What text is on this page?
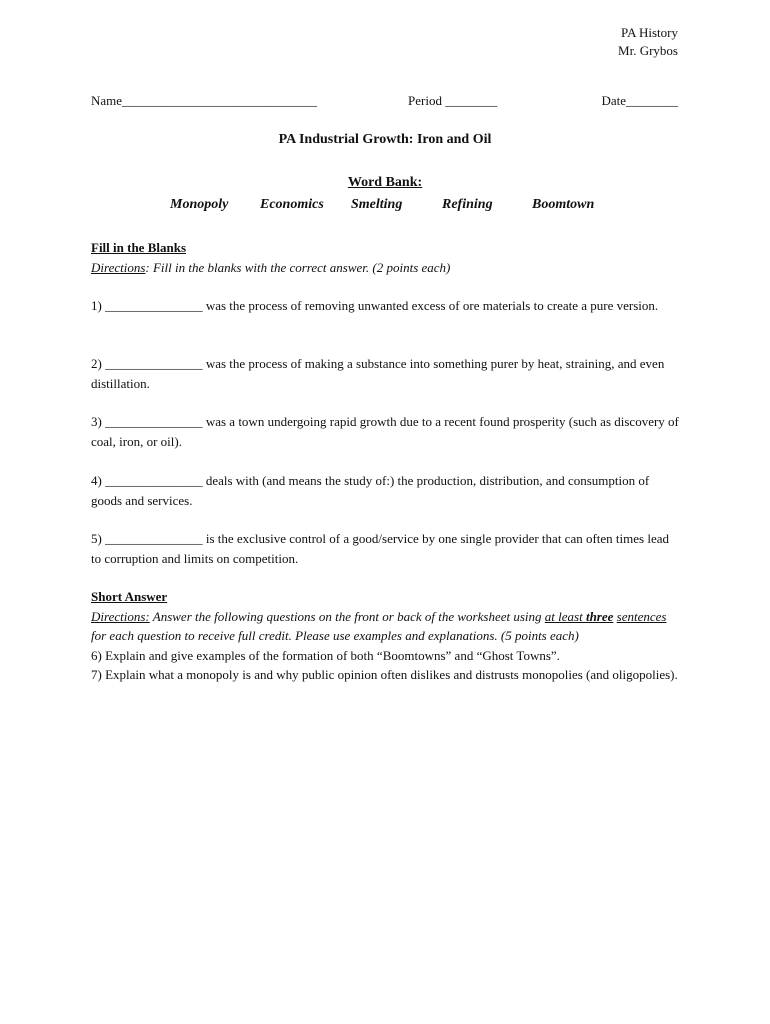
PA History
Mr. Grybos
Name______________________________	Period ________	Date________
PA Industrial Growth: Iron and Oil
Word Bank:
Monopoly Economics Smelting	Refining	Boomtown
Fill in the Blanks
Directions: Fill in the blanks with the correct answer. (2 points each)
1) _______________ was the process of removing unwanted excess of ore materials to create a pure version.
2) _______________ was the process of making a substance into something purer by heat, straining, and even distillation.
3) _______________ was a town undergoing rapid growth due to a recent found prosperity (such as discovery of coal, iron, or oil).
4) _______________ deals with (and means the study of:) the production, distribution, and consumption of goods and services.
5) _______________ is the exclusive control of a good/service by one single provider that can often times lead to corruption and limits on competition.
Short Answer
Directions: Answer the following questions on the front or back of the worksheet using at least three sentences for each question to receive full credit. Please use examples and explanations. (5 points each)
6) Explain and give examples of the formation of both “Boomtowns” and “Ghost Towns”.
7) Explain what a monopoly is and why public opinion often dislikes and distrusts monopolies (and oligopolies).
